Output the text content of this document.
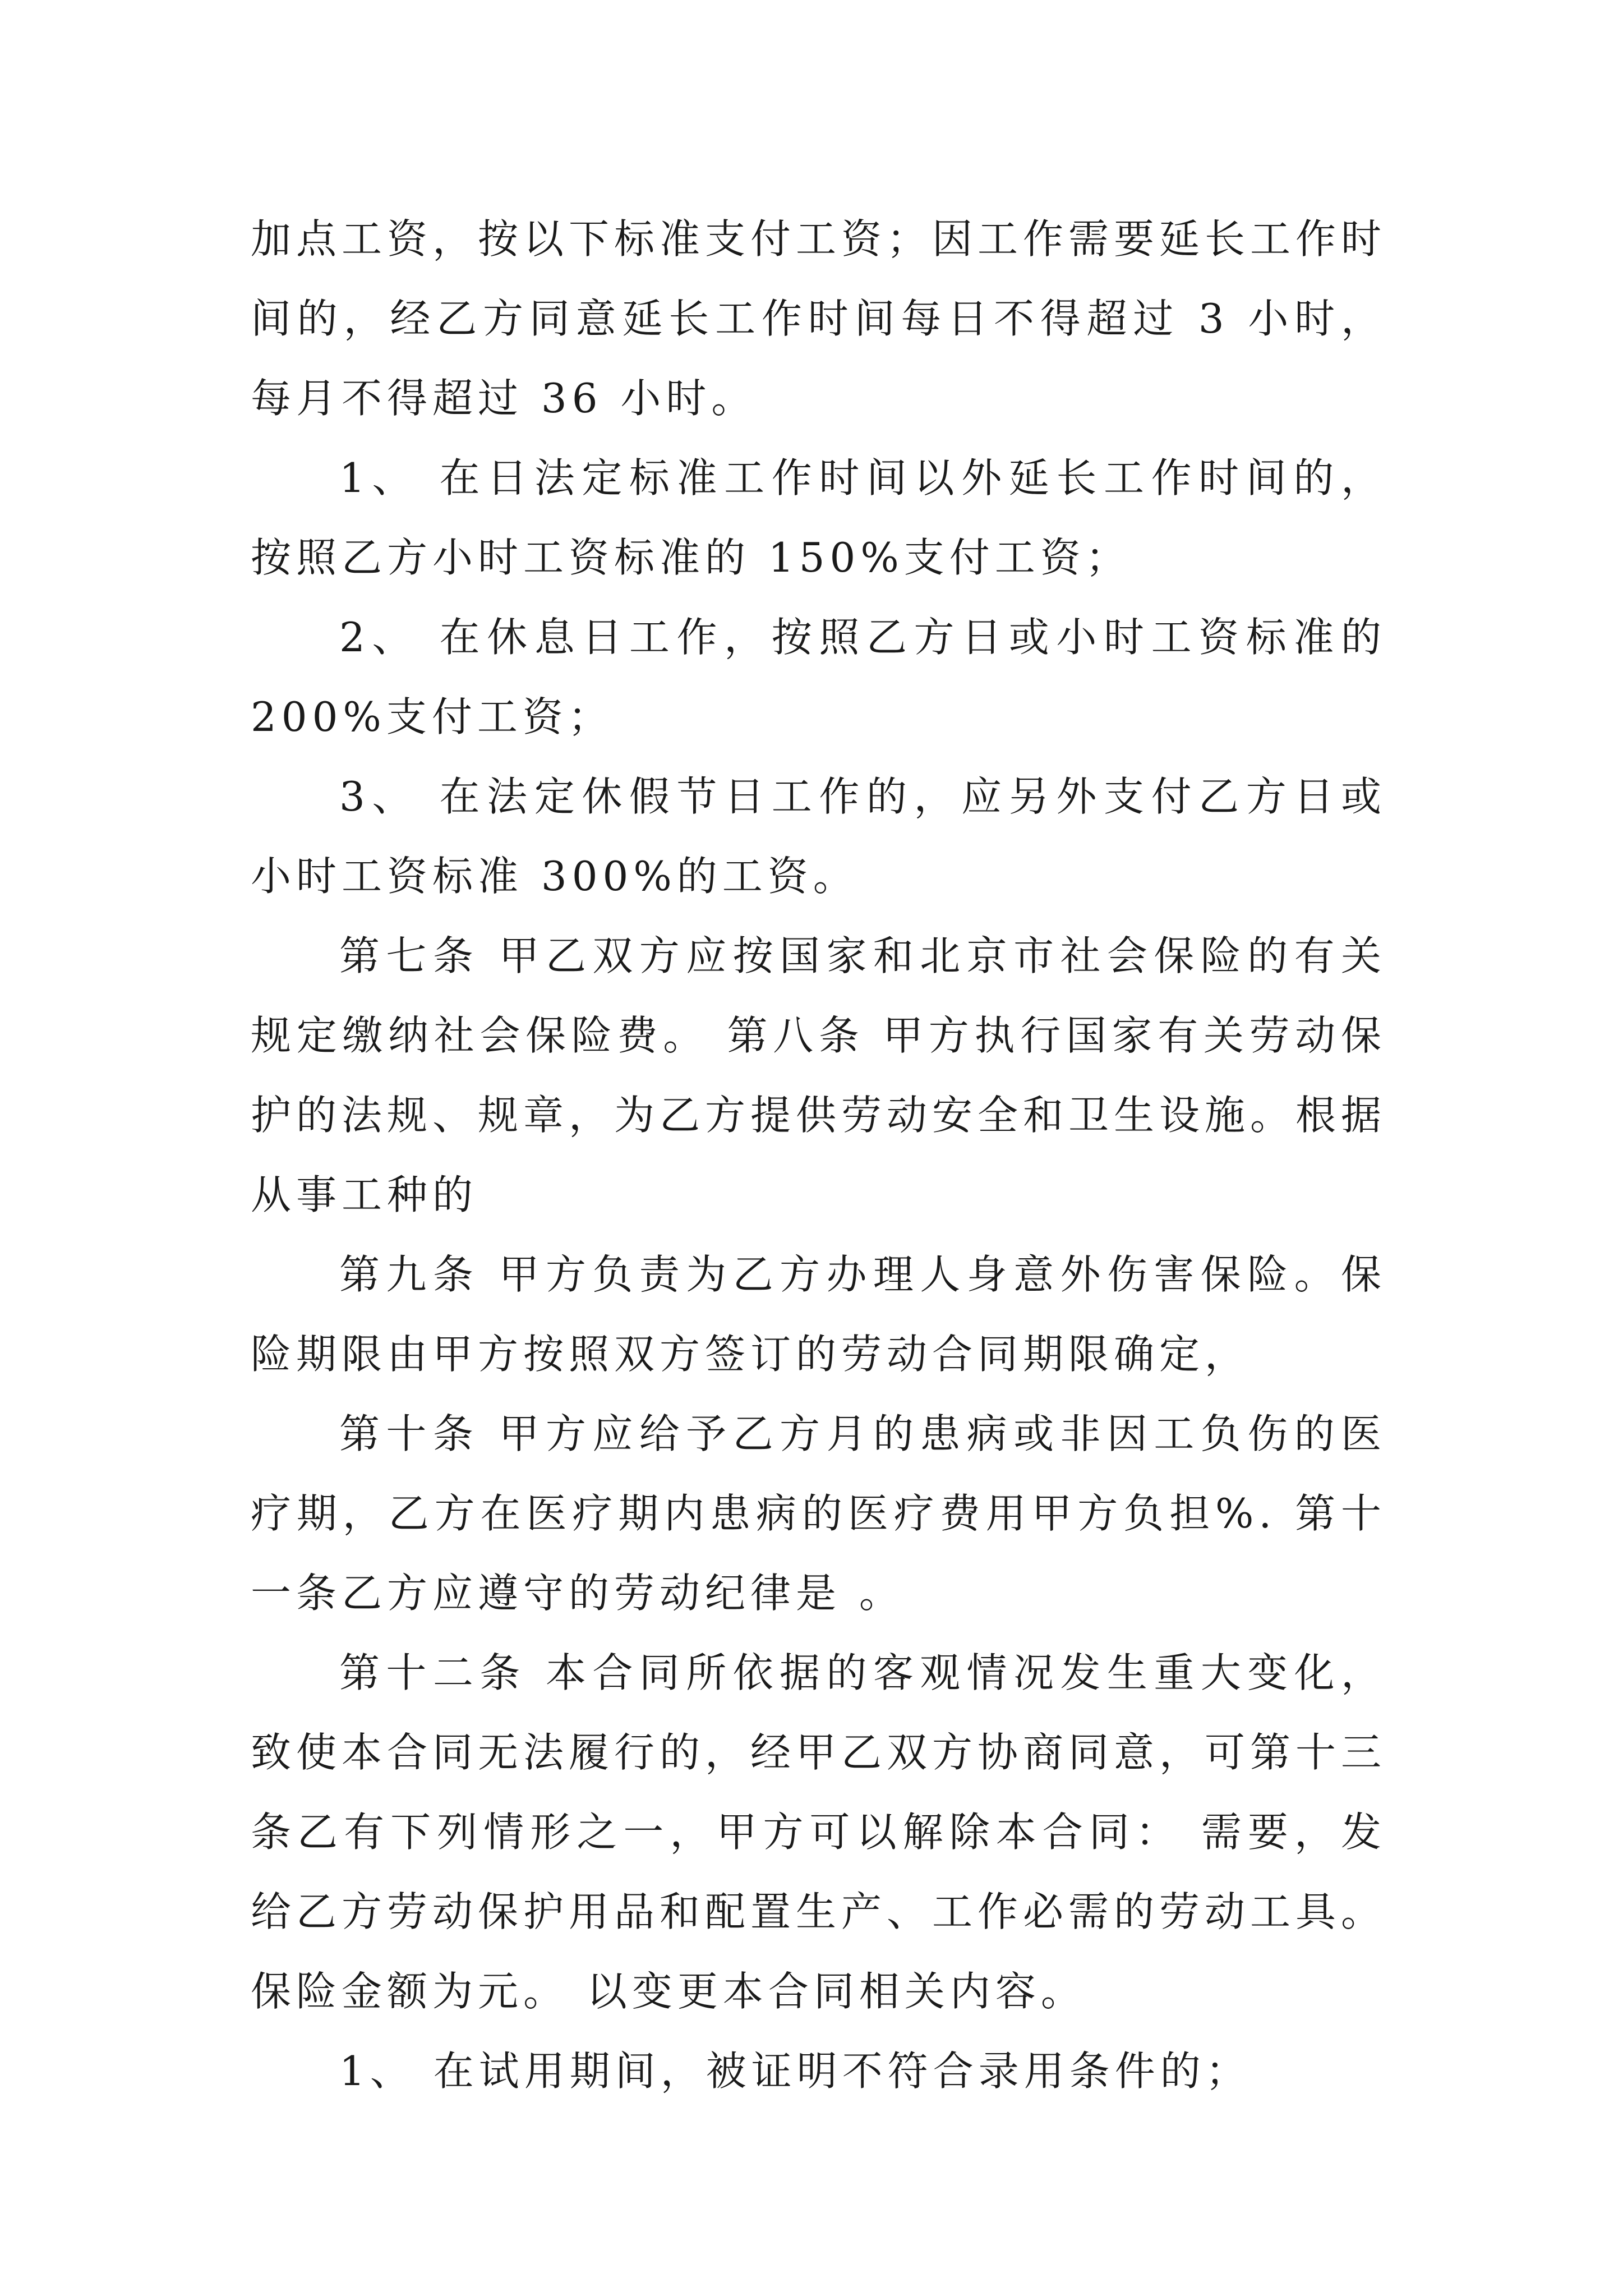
加点工资，按以下标准支付工资；因工作需要延长工作时间的，经乙方同意延长工作时间每日不得超过 3 小时，每月不得超过 36 小时。

1、 在日法定标准工作时间以外延长工作时间的，按照乙方小时工资标准的 150%支付工资；

2、 在休息日工作，按照乙方日或小时工资标准的 200%支付工资；

3、 在法定休假节日工作的，应另外支付乙方日或小时工资标准 300%的工资。

第七条 甲乙双方应按国家和北京市社会保险的有关规定缴纳社会保险费。 第八条 甲方执行国家有关劳动保护的法规、规章，为乙方提供劳动安全和卫生设施。根据从事工种的

第九条 甲方负责为乙方办理人身意外伤害保险。保险期限由甲方按照双方签订的劳动合同期限确定，

第十条 甲方应给予乙方月的患病或非因工负伤的医疗期，乙方在医疗期内患病的医疗费用甲方负担%. 第十一条乙方应遵守的劳动纪律是 。

第十二条 本合同所依据的客观情况发生重大变化，致使本合同无法履行的，经甲乙双方协商同意，可第十三条乙有下列情形之一，甲方可以解除本合同： 需要，发给乙方劳动保护用品和配置生产、工作必需的劳动工具。 保险金额为元。 以变更本合同相关内容。

1、 在试用期间，被证明不符合录用条件的；
